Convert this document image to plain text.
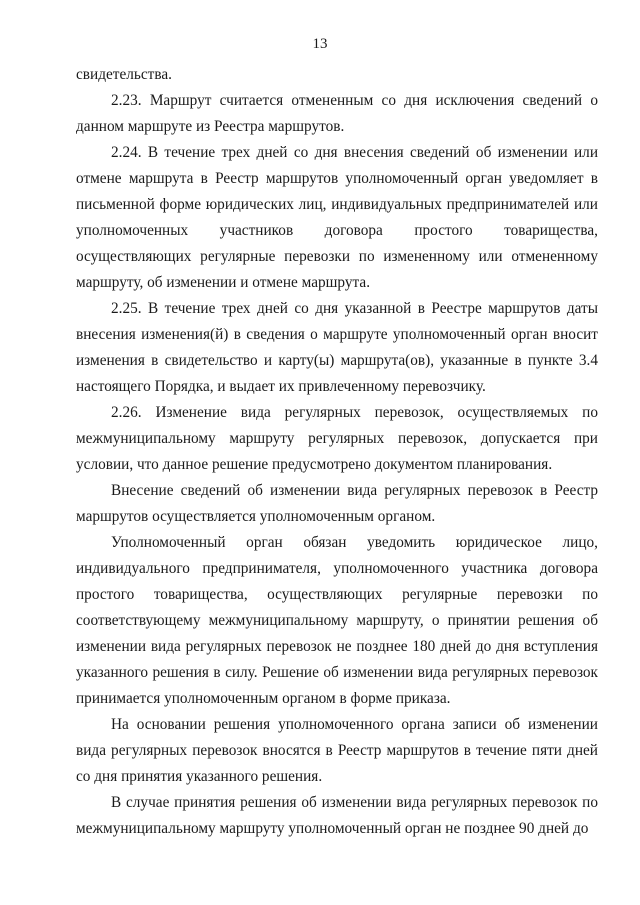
13

свидетельства.

2.23. Маршрут считается отмененным со дня исключения сведений о данном маршруте из Реестра маршрутов.

2.24. В течение трех дней со дня внесения сведений об изменении или отмене маршрута в Реестр маршрутов уполномоченный орган уведомляет в письменной форме юридических лиц, индивидуальных предпринимателей или уполномоченных участников договора простого товарищества, осуществляющих регулярные перевозки по измененному или отмененному маршруту, об изменении и отмене маршрута.

2.25. В течение трех дней со дня указанной в Реестре маршрутов даты внесения изменения(й) в сведения о маршруте уполномоченный орган вносит изменения в свидетельство и карту(ы) маршрута(ов), указанные в пункте 3.4 настоящего Порядка, и выдает их привлеченному перевозчику.

2.26. Изменение вида регулярных перевозок, осуществляемых по межмуниципальному маршруту регулярных перевозок, допускается при условии, что данное решение предусмотрено документом планирования.

Внесение сведений об изменении вида регулярных перевозок в Реестр маршрутов осуществляется уполномоченным органом.

Уполномоченный орган обязан уведомить юридическое лицо, индивидуального предпринимателя, уполномоченного участника договора простого товарищества, осуществляющих регулярные перевозки по соответствующему межмуниципальному маршруту, о принятии решения об изменении вида регулярных перевозок не позднее 180 дней до дня вступления указанного решения в силу. Решение об изменении вида регулярных перевозок принимается уполномоченным органом в форме приказа.

На основании решения уполномоченного органа записи об изменении вида регулярных перевозок вносятся в Реестр маршрутов в течение пяти дней со дня принятия указанного решения.

В случае принятия решения об изменении вида регулярных перевозок по межмуниципальному маршруту уполномоченный орган не позднее 90 дней до
